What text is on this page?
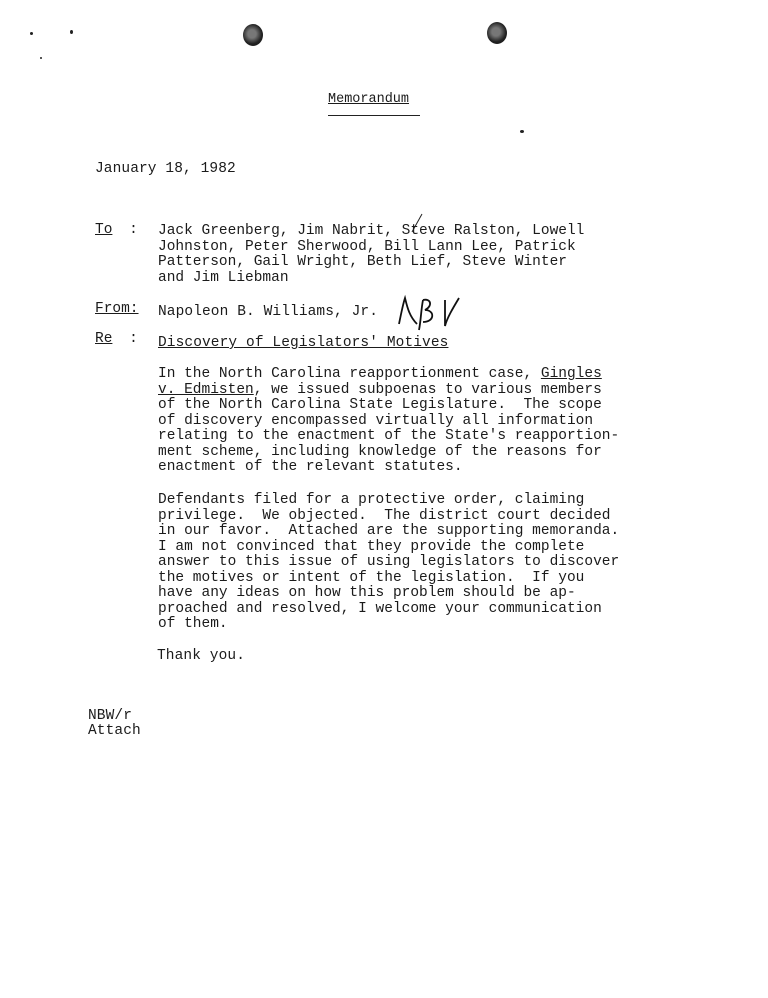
Memorandum
January 18, 1982
To : Jack Greenberg, Jim Nabrit, Steve Ralston, Lowell
Johnston, Peter Sherwood, Bill Lann Lee, Patrick
Patterson, Gail Wright, Beth Lief, Steve Winter
and Jim Liebman
From: Napoleon B. Williams, Jr.
Re : Discovery of Legislators' Motives
In the North Carolina reapportionment case, Gingles
v. Edmisten, we issued subpoenas to various members
of the North Carolina State Legislature.  The scope
of discovery encompassed virtually all information
relating to the enactment of the State's reapportion-
ment scheme, including knowledge of the reasons for
enactment of the relevant statutes.
Defendants filed for a protective order, claiming
privilege.  We objected.  The district court decided
in our favor.  Attached are the supporting memoranda.
I am not convinced that they provide the complete
answer to this issue of using legislators to discover
the motives or intent of the legislation.  If you
have any ideas on how this problem should be ap-
proached and resolved, I welcome your communication
of them.
Thank you.
NBW/r
Attach
